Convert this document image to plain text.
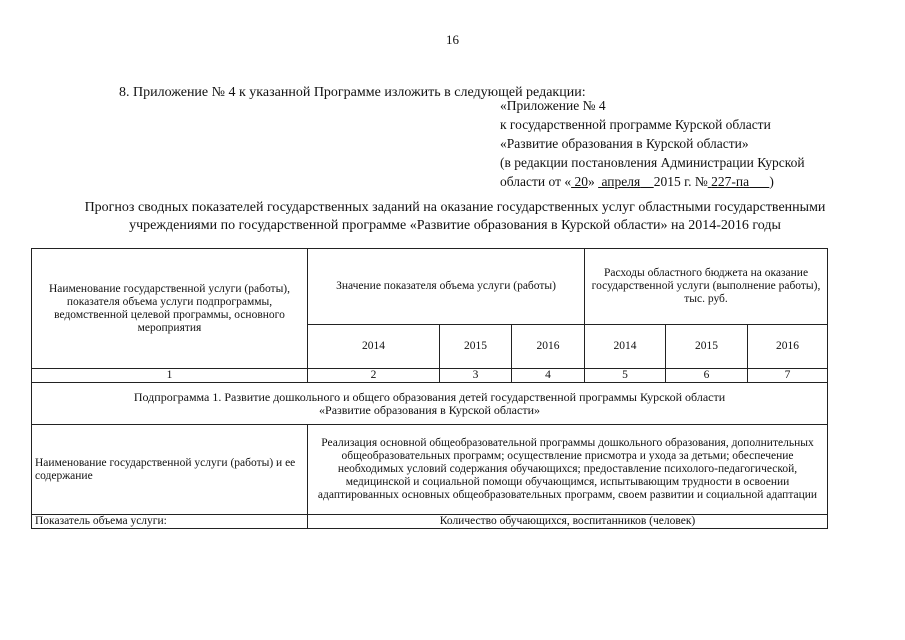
16
8. Приложение № 4 к указанной Программе изложить в следующей редакции:
«Приложение № 4
к государственной программе Курской области
«Развитие образования в Курской области»
(в редакции постановления Администрации Курской
области от « 20»  апреля 2015 г. № 227-па )
Прогноз сводных показателей государственных заданий на оказание государственных услуг областными государственными
учреждениями по государственной программе «Развитие образования в Курской области» на 2014-2016 годы
Наименование государственной услуги (работы), показателя объема услуги подпрограммы, ведомственной целевой программы, основного мероприятия	Значение показателя объема услуги (работы)			Расходы областного бюджета на оказание государственной услуги (выполнение работы), тыс. руб.		
	2014	2015	2016	2014	2015	2016
1	2	3	4	5	6	7

Подпрограмма 1. Развитие дошкольного и общего образования детей государственной программы Курской области
«Развитие образования в Курской области»						

Наименование государственной услуги (работы) и ее содержание	Реализация основной общеобразовательной программы дошкольного образования, дополнительных общеобразовательных программ; осуществление присмотра и ухода за детьми; обеспечение необходимых условий содержания обучающихся; предоставление психолого-педагогической, медицинской и социальной помощи обучающимся, испытывающим трудности в освоении адаптированных основных общеобразовательных программ, своем развитии и социальной адаптации					
Показатель объема услуги:	Количество обучающихся, воспитанников (человек)					
